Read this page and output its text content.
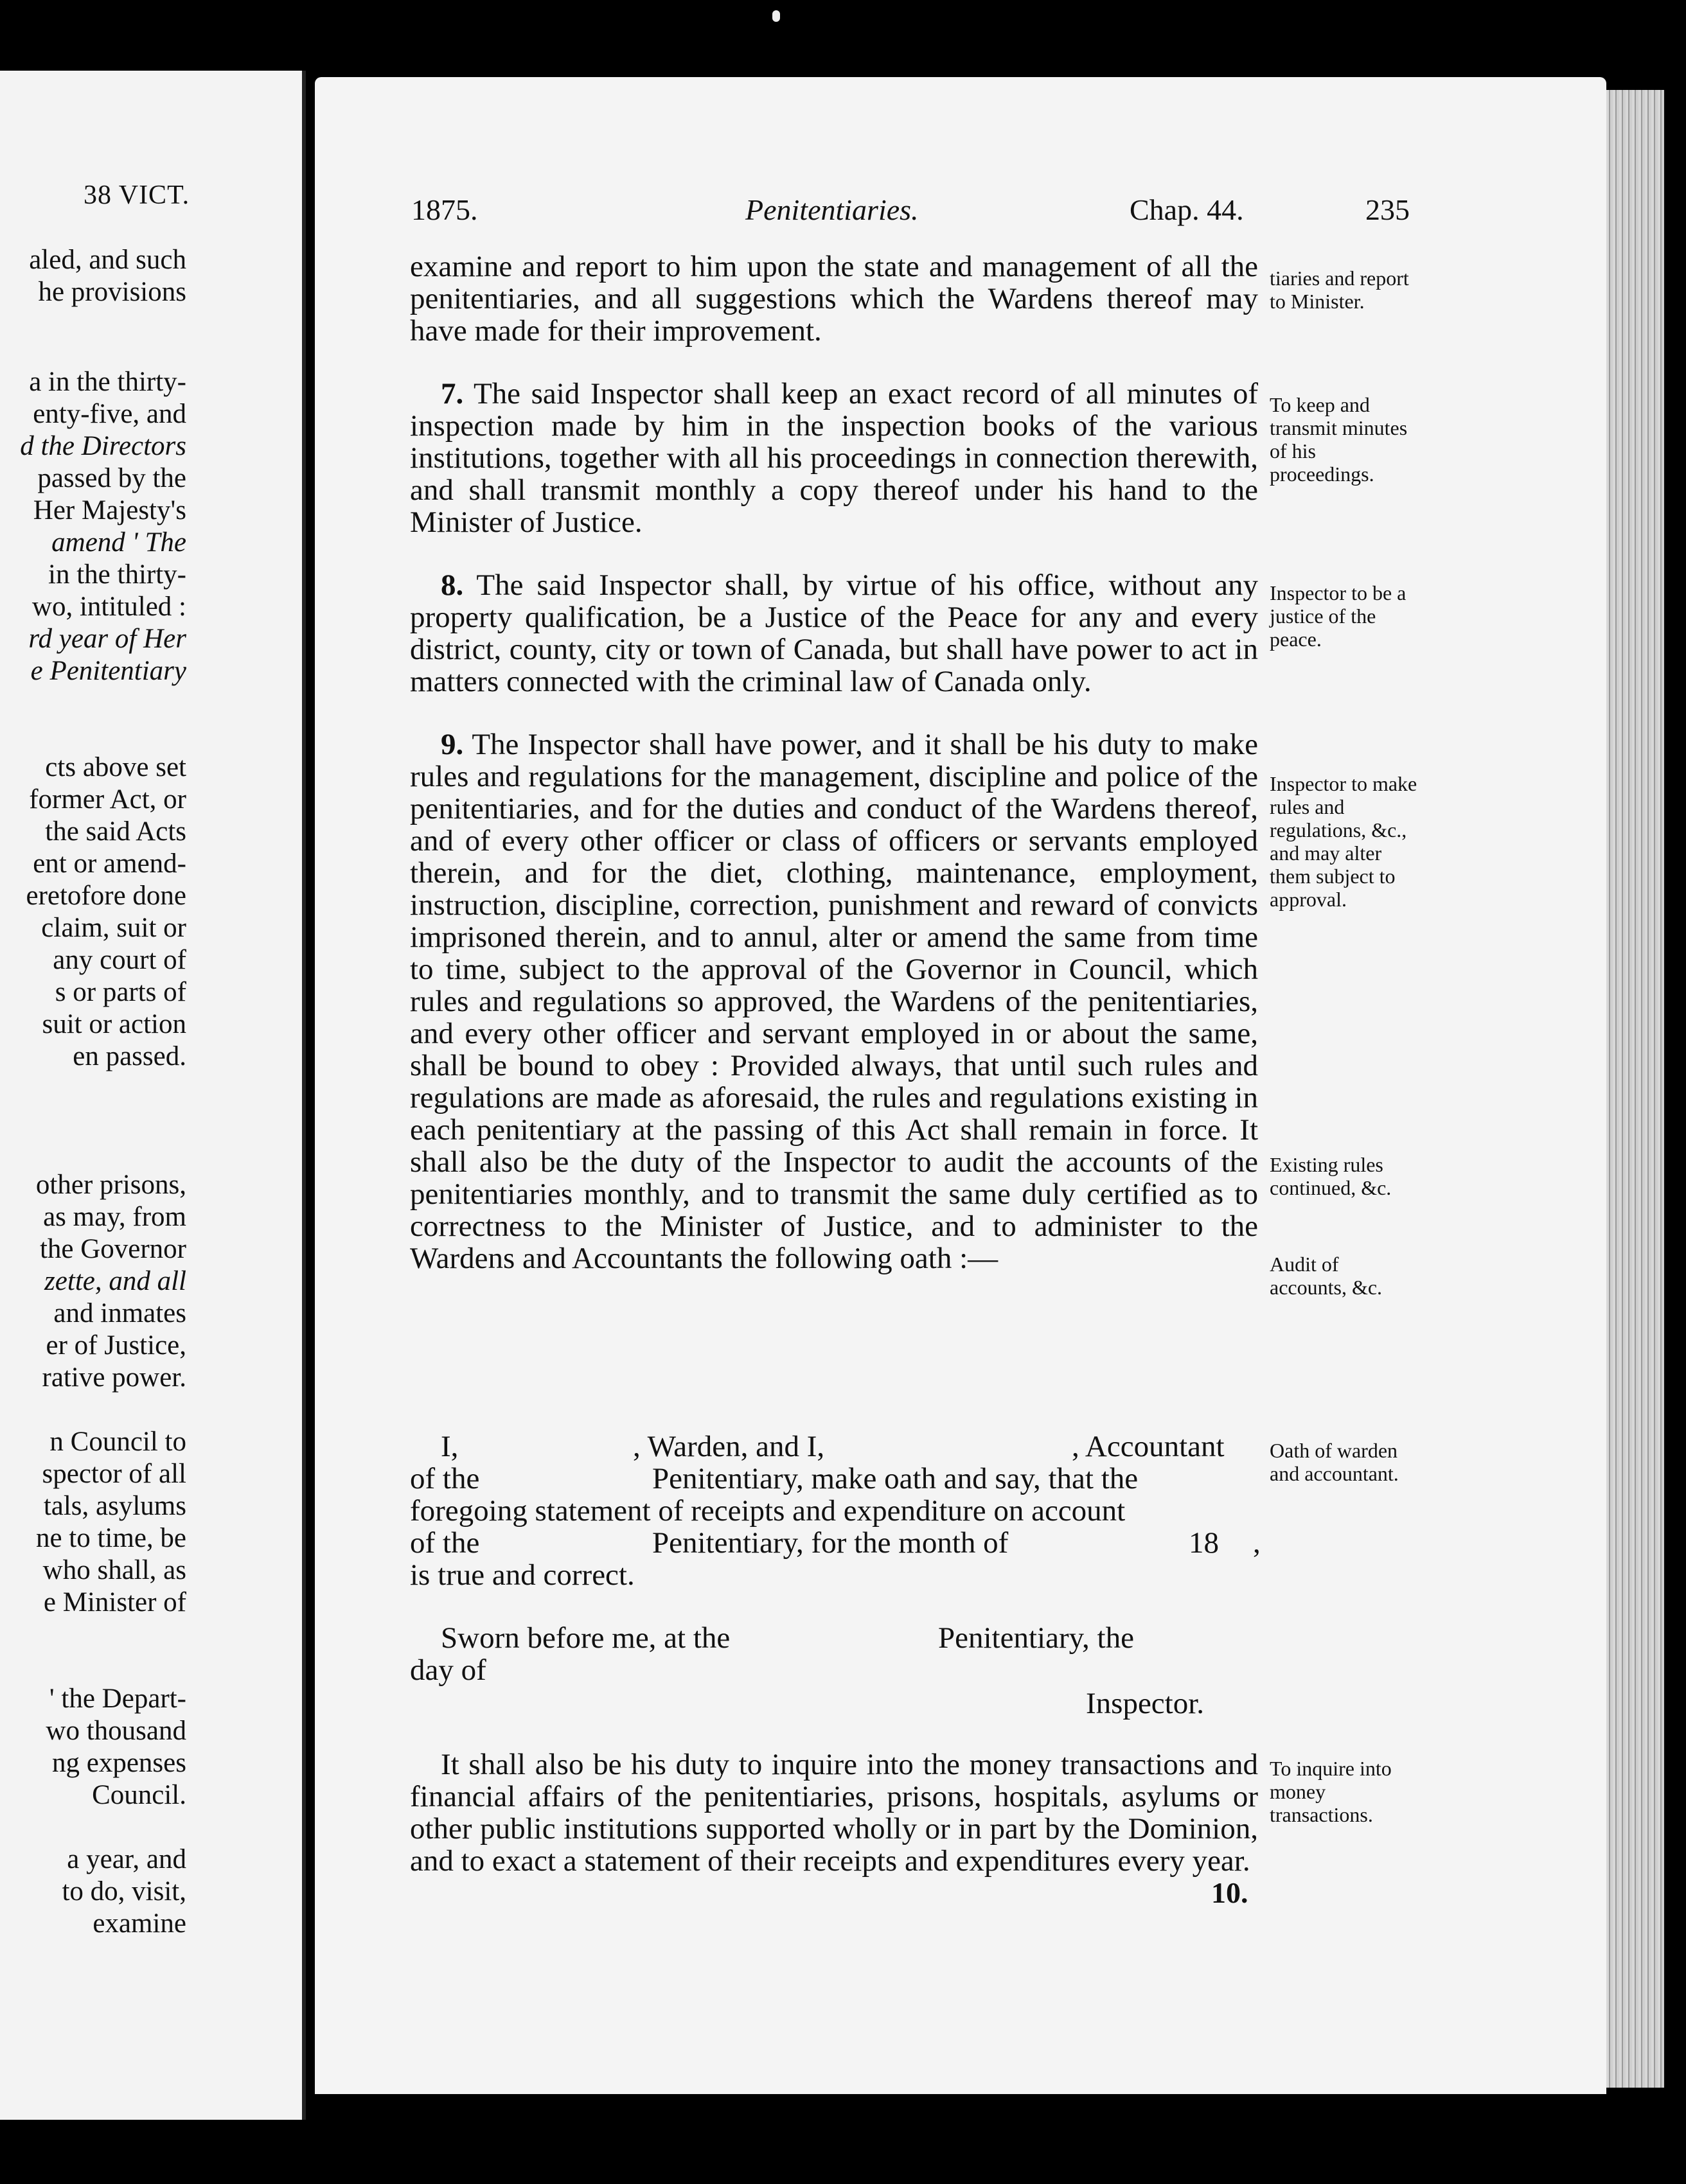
38 VICT.
aled, and such
he provisions
a in the thirty-
enty-five, and
d the Directors
passed by the
Her Majesty's
amend ' The
in the thirty-
wo, intituled :
rd year of Her
e Penitentiary
cts above set
former Act, or
the said Acts
ent or amend-
eretofore done
claim, suit or
any court of
s or parts of
suit or action
en passed.
other prisons,
as may, from
the Governor
zette, and all
and inmates
er of Justice,
rative power.
n Council to
spector of all
tals, asylums
ne to time, be
who shall, as
e Minister of
' the Depart-
wo thousand
ng expenses
Council.
a year, and
to do, visit,
examine
1875.	Penitentiaries.	Chap. 44.	235

examine and report to him upon the state and management of all the penitentiaries, and all suggestions which the Wardens thereof may have made for their improvement.

7. The said Inspector shall keep an exact record of all minutes of inspection made by him in the inspection books of the various institutions, together with all his proceedings in connection therewith, and shall transmit monthly a copy thereof under his hand to the Minister of Justice.

8. The said Inspector shall, by virtue of his office, without any property qualification, be a Justice of the Peace for any and every district, county, city or town of Canada, but shall have power to act in matters connected with the criminal law of Canada only.

9. The Inspector shall have power, and it shall be his duty to make rules and regulations for the management, discipline and police of the penitentiaries, and for the duties and conduct of the Wardens thereof, and of every other officer or class of officers or servants employed therein, and for the diet, clothing, maintenance, employment, instruction, discipline, correction, punishment and reward of convicts imprisoned therein, and to annul, alter or amend the same from time to time, subject to the approval of the Governor in Council, which rules and regulations so approved, the Wardens of the penitentiaries, and every other officer and servant employed in or about the same, shall be bound to obey : Provided always, that until such rules and regulations are made as aforesaid, the rules and regulations existing in each penitentiary at the passing of this Act shall remain in force. It shall also be the duty of the Inspector to audit the accounts of the penitentiaries monthly, and to transmit the same duly certified as to correctness to the Minister of Justice, and to administer to the Wardens and Accountants the following oath :—

I,	, Warden, and I,	, Accountant
of the	Penitentiary, make oath and say, that the
foregoing statement of receipts and expenditure on account
of the	Penitentiary, for the month of	18 ,
is true and correct.
Sworn before me, at the	Penitentiary, the
day of
Inspector.

It shall also be his duty to inquire into the money transactions and financial affairs of the penitentiaries, prisons, hospitals, asylums or other public institutions supported wholly or in part by the Dominion, and to exact a statement of their receipts and expenditures every year.

10.
tiaries and report to Minister.
To keep and transmit minutes of his proceedings.
Inspector to be a justice of the peace.
Inspector to make rules and regulations, &c., and may alter them subject to approval.
Existing rules continued, &c.
Audit of accounts, &c.
Oath of warden and accountant.
To inquire into money transactions.
